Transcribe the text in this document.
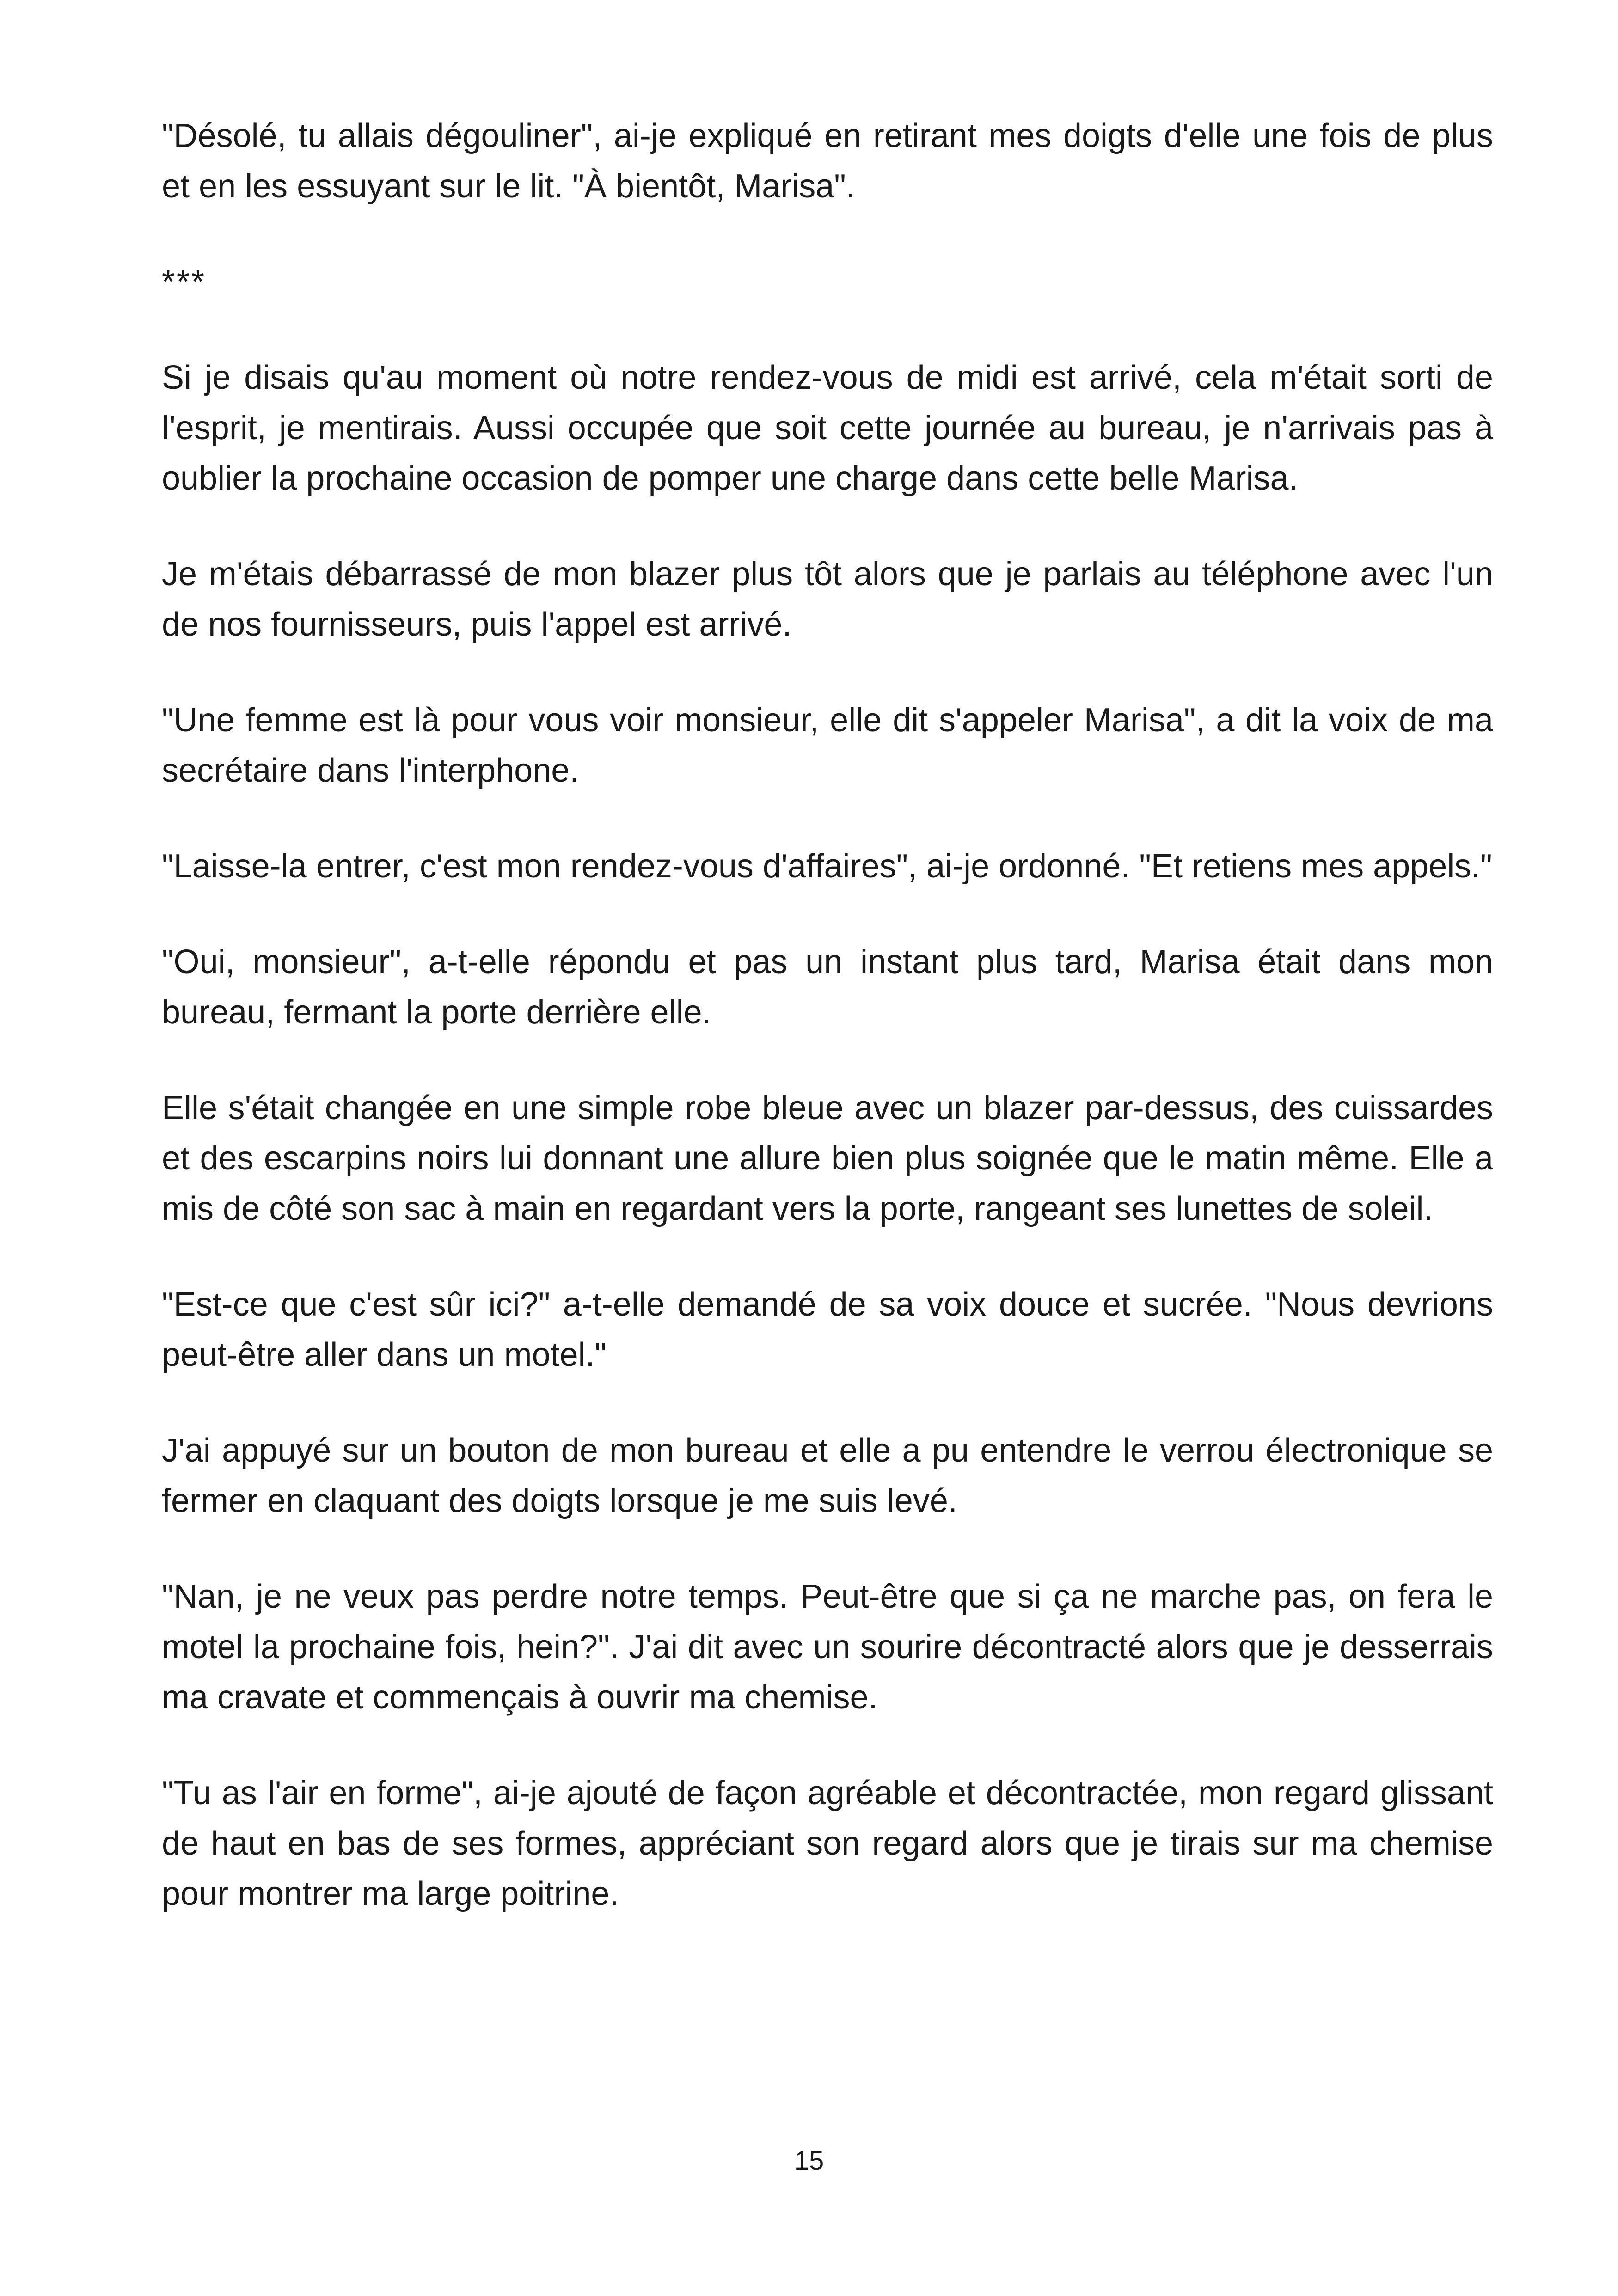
"Désolé, tu allais dégouliner", ai-je expliqué en retirant mes doigts d'elle une fois de plus et en les essuyant sur le lit. "À bientôt, Marisa".

***

Si je disais qu'au moment où notre rendez-vous de midi est arrivé, cela m'était sorti de l'esprit, je mentirais. Aussi occupée que soit cette journée au bureau, je n'arrivais pas à oublier la prochaine occasion de pomper une charge dans cette belle Marisa.

Je m'étais débarrassé de mon blazer plus tôt alors que je parlais au téléphone avec l'un de nos fournisseurs, puis l'appel est arrivé.

"Une femme est là pour vous voir monsieur, elle dit s'appeler Marisa", a dit la voix de ma secrétaire dans l'interphone.

"Laisse-la entrer, c'est mon rendez-vous d'affaires", ai-je ordonné. "Et retiens mes appels."

"Oui, monsieur", a-t-elle répondu et pas un instant plus tard, Marisa était dans mon bureau, fermant la porte derrière elle.

Elle s'était changée en une simple robe bleue avec un blazer par-dessus, des cuissardes et des escarpins noirs lui donnant une allure bien plus soignée que le matin même. Elle a mis de côté son sac à main en regardant vers la porte, rangeant ses lunettes de soleil.

"Est-ce que c'est sûr ici?" a-t-elle demandé de sa voix douce et sucrée. "Nous devrions peut-être aller dans un motel."

J'ai appuyé sur un bouton de mon bureau et elle a pu entendre le verrou électronique se fermer en claquant des doigts lorsque je me suis levé.

"Nan, je ne veux pas perdre notre temps. Peut-être que si ça ne marche pas, on fera le motel la prochaine fois, hein?". J'ai dit avec un sourire décontracté alors que je desserrais ma cravate et commençais à ouvrir ma chemise.

"Tu as l'air en forme", ai-je ajouté de façon agréable et décontractée, mon regard glissant de haut en bas de ses formes, appréciant son regard alors que je tirais sur ma chemise pour montrer ma large poitrine.

15
